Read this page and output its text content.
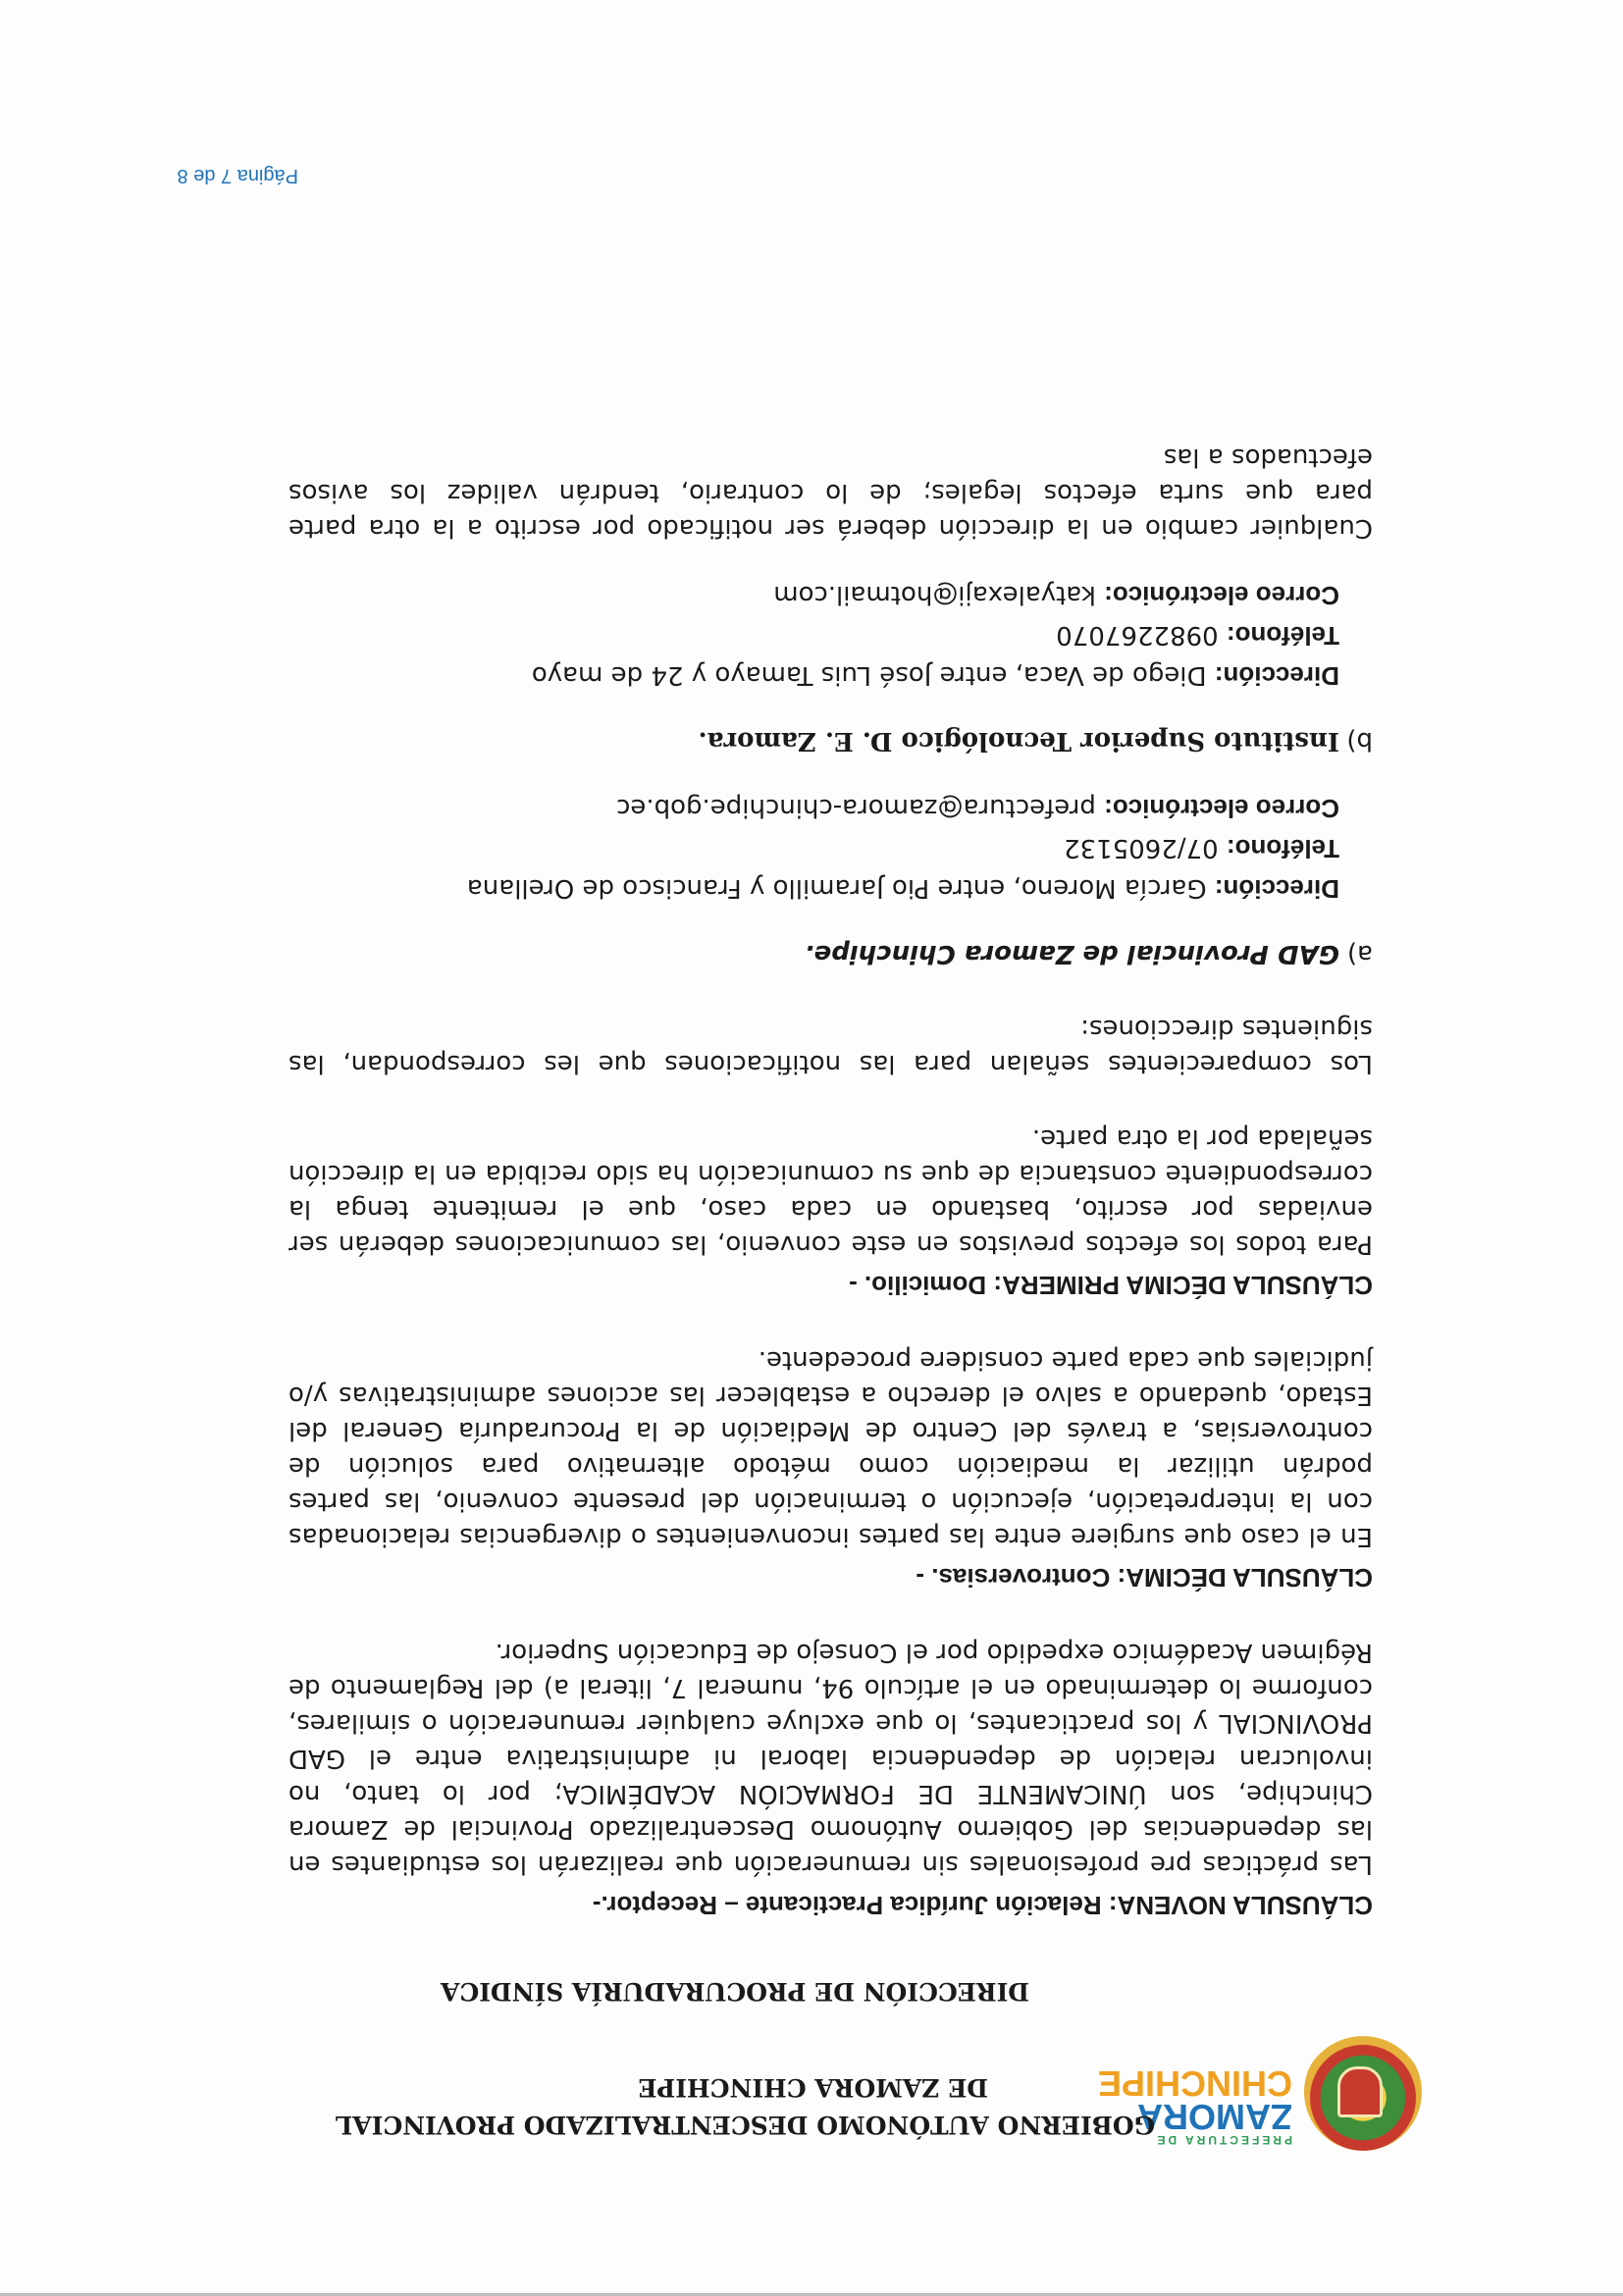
PREFECTURA DE
ZAMORA
CHINCHIPE
GOBIERNO AUTÓNOMO DESCENTRALIZADO PROVINCIAL
DE ZAMORA CHINCHIPE
DIRECCIÓN DE PROCURADURÍA SÍNDICA
CLÁUSULA NOVENA: Relación Jurídica Practicante – Receptor.-
Las prácticas pre profesionales sin remuneración que realizarán los estudiantes en las dependencias del Gobierno Autónomo Descentralizado Provincial de Zamora Chinchipe, son ÚNICAMENTE DE FORMACIÓN ACADÉMICA; por lo tanto, no involucran relación de dependencia laboral ni administrativa entre el GAD PROVINCIAL y los practicantes, lo que excluye cualquier remuneración o similares, conforme lo determinado en el artículo 94, numeral 7, literal a) del Reglamento de Régimen Académico expedido por el Consejo de Educación Superior.
CLÁUSULA DÉCIMA: Controversias. -
En el caso que surgiere entre las partes inconvenientes o divergencias relacionadas con la interpretación, ejecución o terminación del presente convenio, las partes podrán utilizar la mediación como método alternativo para solución de controversias, a través del Centro de Mediación de la Procuraduría General del Estado, quedando a salvo el derecho a establecer las acciones administrativas y/o judiciales que cada parte considere procedente.
CLÁUSULA DÉCIMA PRIMERA: Domicilio. -
Para todos los efectos previstos en este convenio, las comunicaciones deberán ser enviadas por escrito, bastando en cada caso, que el remitente tenga la correspondiente constancia de que su comunicación ha sido recibida en la dirección señalada por la otra parte.
Los comparecientes señalan para las notificaciones que les correspondan, las siguientes direcciones:
a)
GAD Provincial de Zamora Chinchipe.
Dirección: García Moreno, entre Pio Jaramillo y Francisco de Orellana
Teléfono: 07/2605132
Correo electrónico: prefectura@zamora-chinchipe.gob.ec
b)
Instituto Superior Tecnológico D. E. Zamora.
Dirección: Diego de Vaca, entre José Luis Tamayo y 24 de mayo
Teléfono: 0982267070
Correo electrónico: katyalexaji@hotmail.com
Cualquier cambio en la dirección deberá ser notificado por escrito a la otra parte para que surta efectos legales; de lo contrario, tendrán validez los avisos efectuados a las
Página 7 de 8
